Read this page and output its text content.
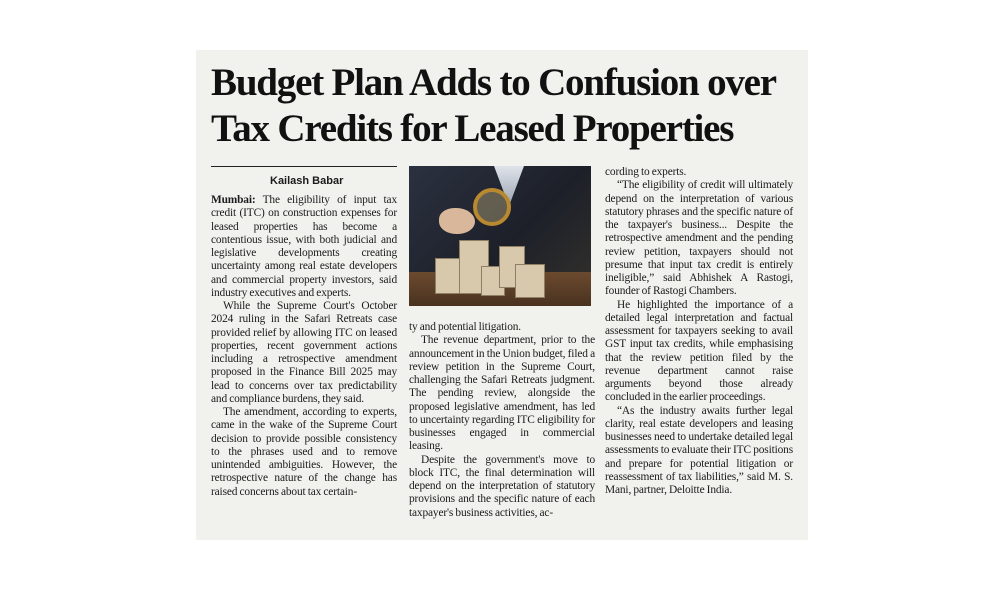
Budget Plan Adds to Confusion over
Tax Credits for Leased Properties
Kailash Babar

Mumbai: The eligibility of input tax credit (ITC) on construction expenses for leased properties has become a contentious issue, with both judicial and legislative developments creating uncertainty among real estate developers and commercial property investors, said industry executives and experts.

While the Supreme Court's October 2024 ruling in the Safari Retreats case provided relief by allowing ITC on leased properties, recent government actions including a retrospective amendment proposed in the Finance Bill 2025 may lead to concerns over tax predictability and compliance burdens, they said.

The amendment, according to experts, came in the wake of the Supreme Court decision to provide possible consistency to the phrases used and to remove unintended ambiguities. However, the retrospective nature of the change has raised concerns about tax certain-

ty and potential litigation.

The revenue department, prior to the announcement in the Union budget, filed a review petition in the Supreme Court, challenging the Safari Retreats judgment. The pending review, alongside the proposed legislative amendment, has led to uncertainty regarding ITC eligibility for businesses engaged in commercial leasing.

Despite the government's move to block ITC, the final determination will depend on the interpretation of statutory provisions and the specific nature of each taxpayer's business activities, ac-

cording to experts.

“The eligibility of credit will ultimately depend on the interpretation of various statutory phrases and the specific nature of the taxpayer's business... Despite the retrospective amendment and the pending review petition, taxpayers should not presume that input tax credit is entirely ineligible,” said Abhishek A Rastogi, founder of Rastogi Chambers.

He highlighted the importance of a detailed legal interpretation and factual assessment for taxpayers seeking to avail GST input tax credits, while emphasising that the review petition filed by the revenue department cannot raise arguments beyond those already concluded in the earlier proceedings.

“As the industry awaits further legal clarity, real estate developers and leasing businesses need to undertake detailed legal assessments to evaluate their ITC positions and prepare for potential litigation or reassessment of tax liabilities,” said M. S. Mani, partner, Deloitte India.
